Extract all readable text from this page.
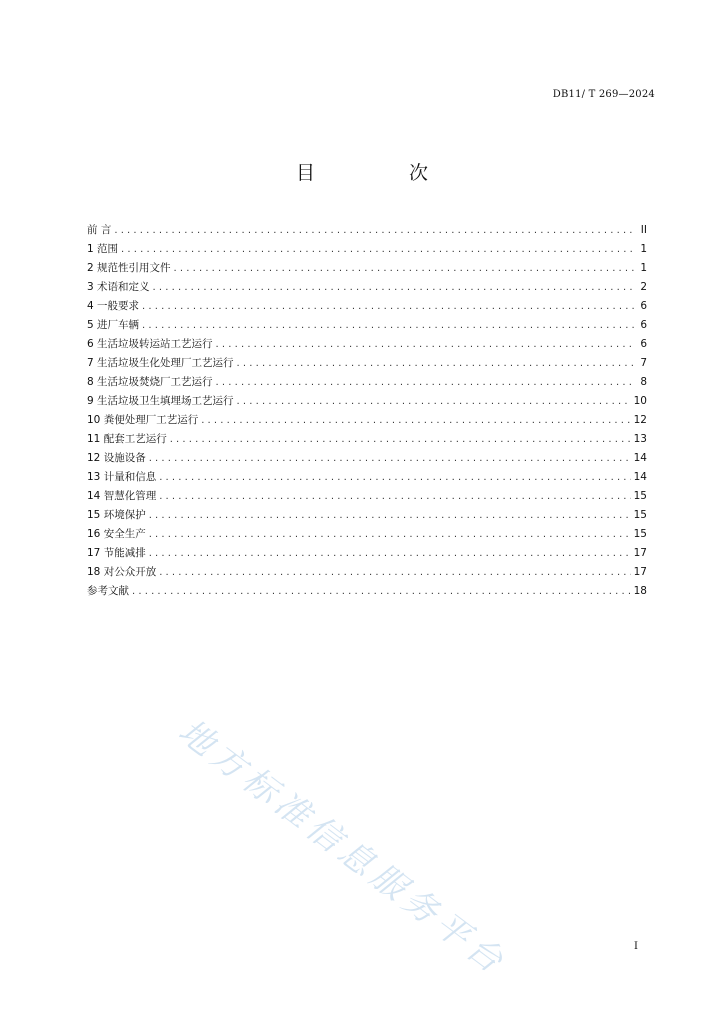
DB11/ T 269—2024
目 次
前 言 . . .	II
1 范围 . . .	1
2 规范性引用文件 . . .	1
3 术语和定义 . . .	2
4 一般要求 . . .	6
5 进厂车辆 . . .	6
6 生活垃圾转运站工艺运行 . . .	6
7 生活垃圾生化处理厂工艺运行 . . .	7
8 生活垃圾焚烧厂工艺运行 . . .	8
9 生活垃圾卫生填埋场工艺运行 . . .	10
10 粪便处理厂工艺运行 . . .	12
11 配套工艺运行 . . .	13
12 设施设备 . . .	14
13 计量和信息 . . .	14
14 智慧化管理 . . .	15
15 环境保护 . . .	15
16 安全生产 . . .	15
17 节能减排 . . .	17
18 对公众开放 . . .	17
参考文献 . . .	18
地方标准信息服务平台	I
